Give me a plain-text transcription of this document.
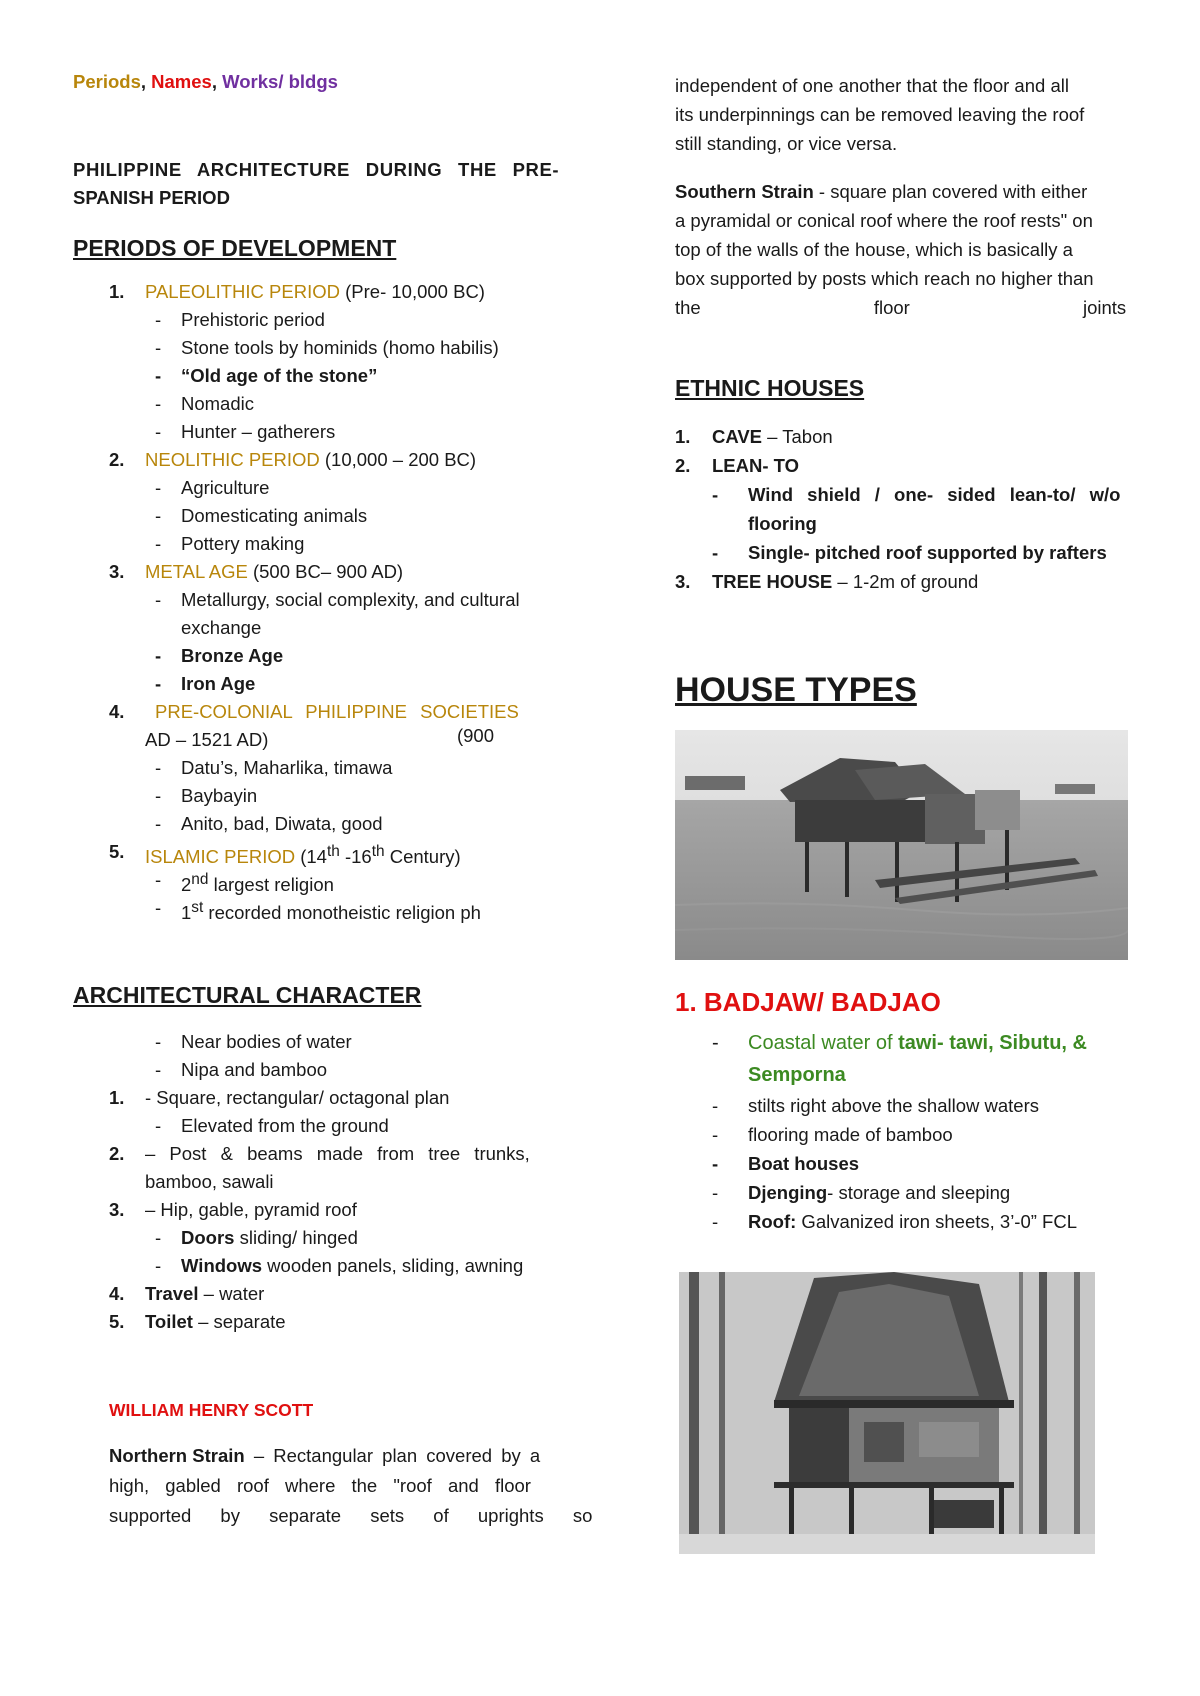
Periods, Names, Works/ bldgs
PHILIPPINE ARCHITECTURE DURING THE PRE-
SPANISH PERIOD
PERIODS OF DEVELOPMENT
1. PALEOLITHIC PERIOD (Pre- 10,000 BC)
- Prehistoric period
- Stone tools by hominids (homo habilis)
- “Old age of the stone”
- Nomadic
- Hunter – gatherers
2. NEOLITHIC PERIOD (10,000 – 200 BC)
- Agriculture
- Domesticating animals
- Pottery making
3. METAL AGE (500 BC– 900 AD)
- Metallurgy, social complexity, and cultural
exchange
- Bronze Age
- Iron Age
4. PRE-COLONIAL PHILIPPINE SOCIETIES
(900
AD – 1521 AD)
- Datu’s, Maharlika, timawa
- Baybayin
- Anito, bad, Diwata, good
5. ISLAMIC PERIOD (14th -16th Century)
- 2nd largest religion
- 1st recorded monotheistic religion ph
ARCHITECTURAL CHARACTER
- Near bodies of water
- Nipa and bamboo
1. - Square, rectangular/ octagonal plan
- Elevated from the ground
2. – Post & beams made from tree trunks,
bamboo, sawali
3. – Hip, gable, pyramid roof
- Doors sliding/ hinged
- Windows wooden panels, sliding, awning
4. Travel – water
5. Toilet – separate
WILLIAM HENRY SCOTT
Northern Strain – Rectangular plan covered by a
high, gabled roof where the "roof and floor
supported by separate sets of uprights so
independent of one another that the floor and all
its underpinnings can be removed leaving the roof
still standing, or vice versa.
Southern Strain - square plan covered with either
a pyramidal or conical roof where the roof rests" on
top of the walls of the house, which is basically a
box supported by posts which reach no higher than
the floor joints
ETHNIC HOUSES
1. CAVE – Tabon
2. LEAN- TO
- Wind shield / one- sided lean-to/ w/o
flooring
- Single- pitched roof supported by rafters
3. TREE HOUSE – 1-2m of ground
HOUSE TYPES
1. BADJAW/ BADJAO
- Coastal water of tawi- tawi, Sibutu, &
Semporna
- stilts right above the shallow waters
- flooring made of bamboo
- Boat houses
- Djenging- storage and sleeping
- Roof: Galvanized iron sheets, 3’-0” FCL
